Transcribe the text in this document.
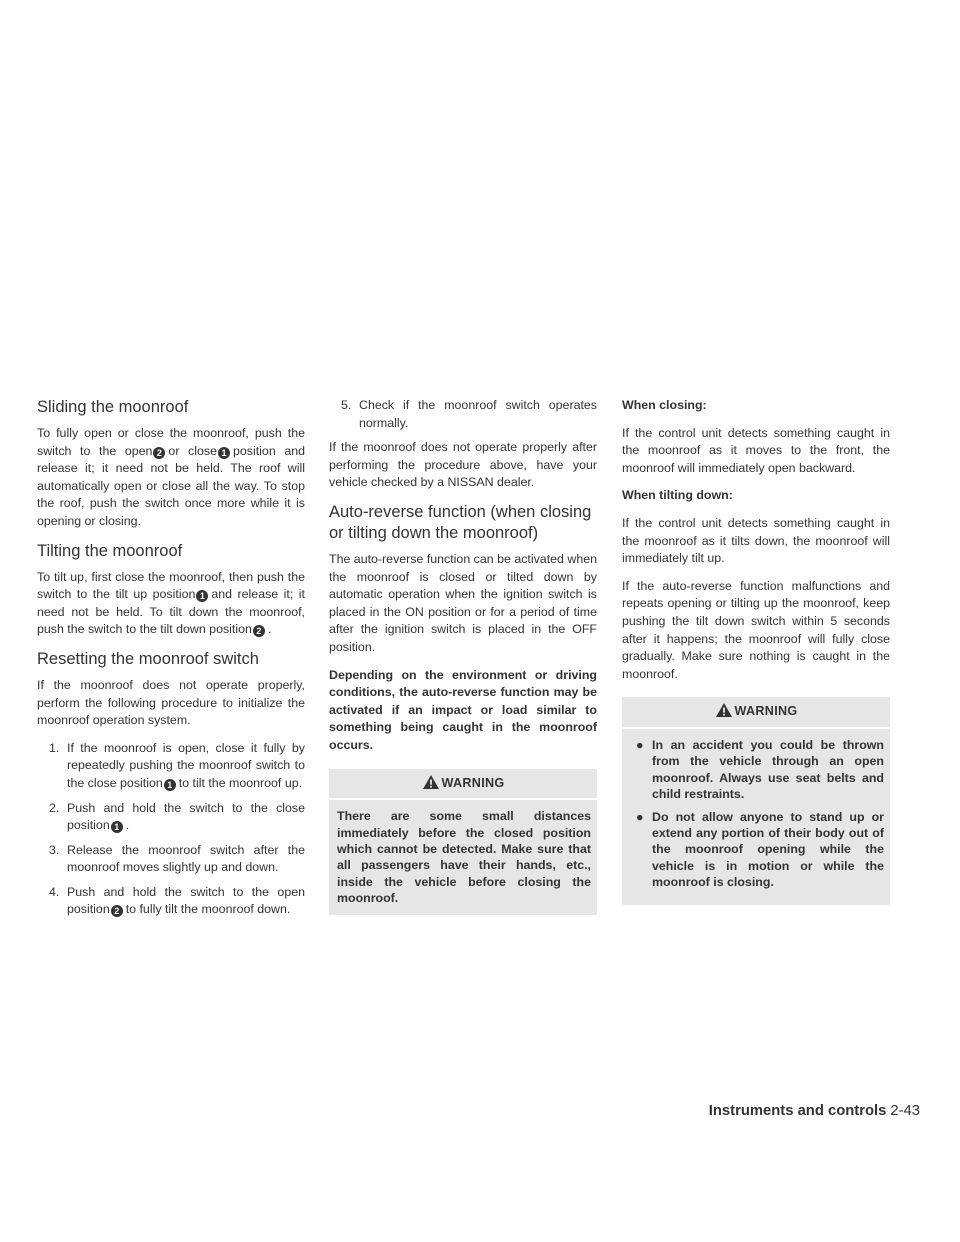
Sliding the moonroof

To fully open or close the moonroof, push the switch to the open 2 or close 1 position and release it; it need not be held. The roof will automatically open or close all the way. To stop the roof, push the switch once more while it is opening or closing.

Tilting the moonroof

To tilt up, first close the moonroof, then push the switch to the tilt up position 1 and release it; it need not be held. To tilt down the moonroof, push the switch to the tilt down position 2 .

Resetting the moonroof switch

If the moonroof does not operate properly, perform the following procedure to initialize the moonroof operation system.

1. If the moonroof is open, close it fully by repeatedly pushing the moonroof switch to the close position 1 to tilt the moonroof up.
2. Push and hold the switch to the close position 1 .
3. Release the moonroof switch after the moonroof moves slightly up and down.
4. Push and hold the switch to the open position 2 to fully tilt the moonroof down.
5. Check if the moonroof switch operates normally.

If the moonroof does not operate properly after performing the procedure above, have your vehicle checked by a NISSAN dealer.

Auto-reverse function (when closing or tilting down the moonroof)

The auto-reverse function can be activated when the moonroof is closed or tilted down by automatic operation when the ignition switch is placed in the ON position or for a period of time after the ignition switch is placed in the OFF position.

Depending on the environment or driving conditions, the auto-reverse function may be activated if an impact or load similar to something being caught in the moonroof occurs.

WARNING
There are some small distances immediately before the closed position which cannot be detected. Make sure that all passengers have their hands, etc., inside the vehicle before closing the moonroof.

When closing:

If the control unit detects something caught in the moonroof as it moves to the front, the moonroof will immediately open backward.

When tilting down:

If the control unit detects something caught in the moonroof as it tilts down, the moonroof will immediately tilt up.

If the auto-reverse function malfunctions and repeats opening or tilting up the moonroof, keep pushing the tilt down switch within 5 seconds after it happens; the moonroof will fully close gradually. Make sure nothing is caught in the moonroof.

WARNING
● In an accident you could be thrown from the vehicle through an open moonroof. Always use seat belts and child restraints.
● Do not allow anyone to stand up or extend any portion of their body out of the moonroof opening while the vehicle is in motion or while the moonroof is closing.
Instruments and controls 2-43
